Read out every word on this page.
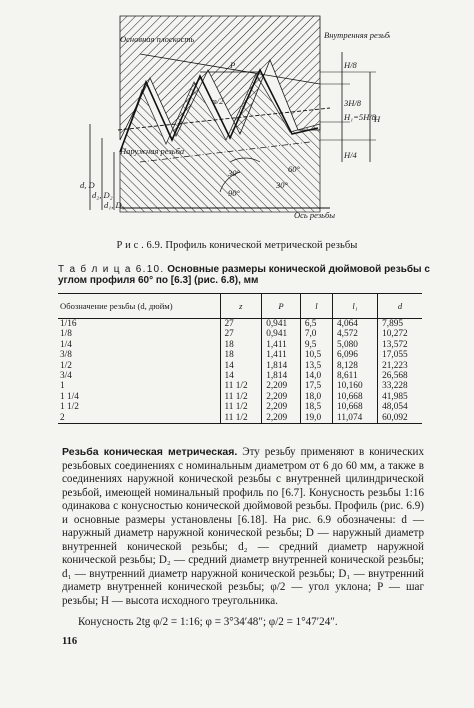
Основная плоскость	Внутренняя резьба
Наружная резьба
P
φ/2
30°
30°
90°
60°
H/8
3H/8
H₁=5H/8
H/4
H
d, D
d₂, D₂
d₁, D₁
Ось резьбы
Р и с . 6.9. Профиль конической метрической резьбы
Т а б л и ц а 6.10. Основные размеры конической дюймовой резьбы с углом профиля 60° по [6.3] (рис. 6.8), мм
Обозначение резьбы (d, дюйм)	z	P	l	l₁	d
1/16	27	0,941	6,5	4,064	7,895
1/8	27	0,941	7,0	4,572	10,272
1/4	18	1,411	9,5	5,080	13,572
3/8	18	1,411	10,5	6,096	17,055
1/2	14	1,814	13,5	8,128	21,223
3/4	14	1,814	14,0	8,611	26,568
1	11 1/2	2,209	17,5	10,160	33,228
1 1/4	11 1/2	2,209	18,0	10,668	41,985
1 1/2	11 1/2	2,209	18,5	10,668	48,054
2	11 1/2	2,209	19,0	11,074	60,092

Резьба коническая метрическая. Эту резьбу применяют в конических резьбовых соединениях с номинальным диаметром от 6 до 60 мм, а также в соединениях наружной конической резьбы с внутренней цилиндрической резьбой, имеющей номинальный профиль по [6.7]. Конусность резьбы 1:16 одинакова с конусностью конической дюймовой резьбы. Профиль (рис. 6.9) и основные размеры установлены [6.18]. На рис. 6.9 обозначены: d — наружный диаметр наружной конической резьбы; D — наружный диаметр внутренней конической резьбы; d₂ — средний диаметр наружной конической резьбы; D₂ — средний диаметр внутренней конической резьбы; d₁ — внутренний диаметр наружной конической резьбы; D₁ — внутренний диаметр внутренней конической резьбы; φ/2 — угол уклона; P — шаг резьбы; H — высота исходного треугольника.

Конусность 2tg φ/2 = 1:16; φ = 3°34′48″; φ/2 = 1°47′24″.
116
